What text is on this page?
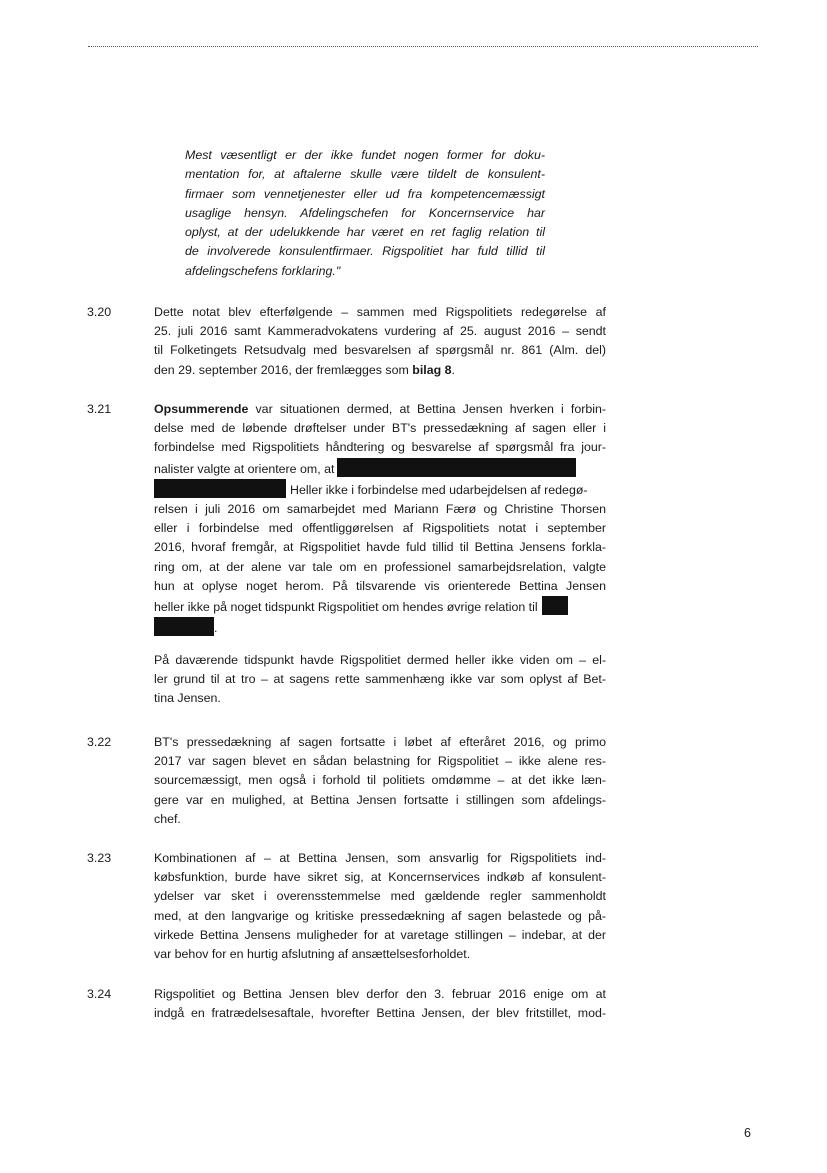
Mest væsentligt er der ikke fundet nogen former for doku-
mentation for, at aftalerne skulle være tildelt de konsulent-
firmaer som vennetjenester eller ud fra kompetencemæssigt
usaglige hensyn. Afdelingschefen for Koncernservice har
oplyst, at der udelukkende har været en ret faglig relation til
de involverede konsulentfirmaer. Rigspolitiet har fuld tillid til
afdelingschefens forklaring."
3.20	Dette notat blev efterfølgende – sammen med Rigspolitiets redegørelse af
25. juli 2016 samt Kammeradvokatens vurdering af 25. august 2016 – sendt
til Folketingets Retsudvalg med besvarelsen af spørgsmål nr. 861 (Alm. del)
den 29. september 2016, der fremlægges som bilag 8.
3.21	Opsummerende var situationen dermed, at Bettina Jensen hverken i forbin-
delse med de løbende drøftelser under BT's pressedækning af sagen eller i
forbindelse med Rigspolitiets håndtering og besvarelse af spørgsmål fra jour-
nalister valgte at orientere om, at
Heller ikke i forbindelse med udarbejdelsen af redegø-
relsen i juli 2016 om samarbejdet med Mariann Færø og Christine Thorsen
eller i forbindelse med offentliggørelsen af Rigspolitiets notat i september
2016, hvoraf fremgår, at Rigspolitiet havde fuld tillid til Bettina Jensens forkla-
ring om, at der alene var tale om en professionel samarbejdsrelation, valgte
hun at oplyse noget herom. På tilsvarende vis orienterede Bettina Jensen
heller ikke på noget tidspunkt Rigspolitiet om hendes øvrige relation til
.
På daværende tidspunkt havde Rigspolitiet dermed heller ikke viden om – el-
ler grund til at tro – at sagens rette sammenhæng ikke var som oplyst af Bet-
tina Jensen.
3.22	BT's pressedækning af sagen fortsatte i løbet af efteråret 2016, og primo
2017 var sagen blevet en sådan belastning for Rigspolitiet – ikke alene res-
sourcemæssigt, men også i forhold til politiets omdømme – at det ikke læn-
gere var en mulighed, at Bettina Jensen fortsatte i stillingen som afdelings-
chef.
3.23	Kombinationen af – at Bettina Jensen, som ansvarlig for Rigspolitiets ind-
købsfunktion, burde have sikret sig, at Koncernservices indkøb af konsulent-
ydelser var sket i overensstemmelse med gældende regler sammenholdt
med, at den langvarige og kritiske pressedækning af sagen belastede og på-
virkede Bettina Jensens muligheder for at varetage stillingen – indebar, at der
var behov for en hurtig afslutning af ansættelsesforholdet.
3.24	Rigspolitiet og Bettina Jensen blev derfor den 3. februar 2016 enige om at
indgå en fratrædelsesaftale, hvorefter Bettina Jensen, der blev fritstillet, mod-
6
